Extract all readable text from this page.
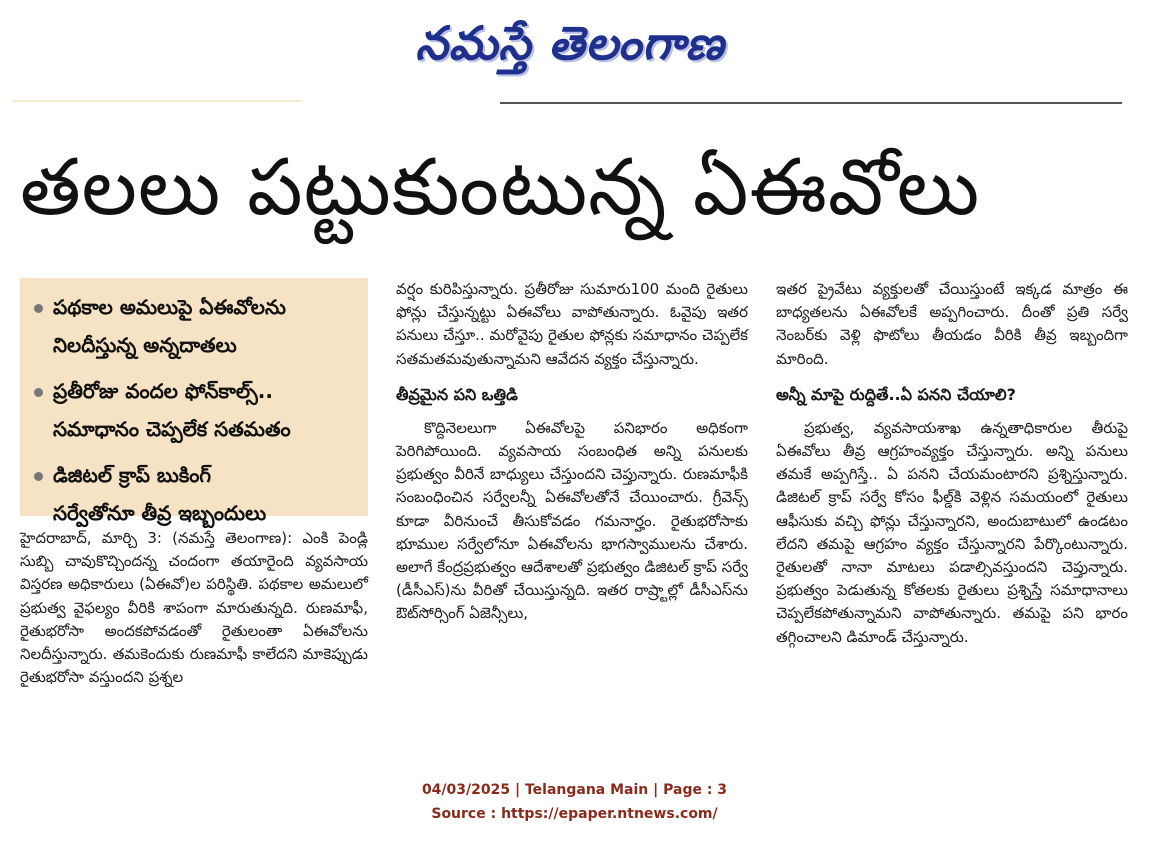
నమస్తే తెలంగాణ
తలలు పట్టుకుంటున్న ఏఈవోలు
పథకాల అమలుపై ఏఈవోలను
నిలదీస్తున్న అన్నదాతలు
ప్రతీరోజు వందల ఫోన్‌కాల్స్‌..
సమాధానం చెప్పలేక సతమతం
డిజిటల్‌ క్రాప్‌ బుకింగ్‌
సర్వేతోనూ తీవ్ర ఇబ్బందులు

హైదరాబాద్‌, మార్చి 3: (నమస్తే తెలంగాణ): ఎంకి పెండ్లి సుబ్బి చావుకొచ్చిందన్న చందంగా తయారైంది వ్యవసాయ విస్తరణ అధికారులు (ఏఈవో)ల పరిస్థితి. పథకాల అమలులో ప్రభుత్వ వైఫల్యం వీరికి శాపంగా మారుతున్నది. రుణమాఫీ, రైతుభరోసా అందకపోవడంతో రైతులంతా ఏఈవోలను నిలదీస్తున్నారు. తమకెందుకు రుణమాఫీ కాలేదని మాకెప్పుడు రైతుభరోసా వస్తుందని ప్రశ్నల

వర్షం కురిపిస్తున్నారు. ప్రతీరోజు సుమారు100 మంది రైతులు ఫోన్లు చేస్తున్నట్టు ఏఈవోలు వాపోతున్నారు. ఓవైపు ఇతర పనులు చేస్తూ.. మరోవైపు రైతుల ఫోన్లకు సమాధానం చెప్పలేక సతమతమవుతున్నామని ఆవేదన వ్యక్తం చేస్తున్నారు.

తీవ్రమైన పని ఒత్తిడి

కొద్దినెలలుగా ఏఈవోలపై పనిభారం అధికంగా పెరిగిపోయింది. వ్యవసాయ సంబంధిత అన్ని పనులకు ప్రభుత్వం వీరినే బాధ్యులు చేస్తుందని చెప్తున్నారు. రుణమాఫీకి సంబంధించిన సర్వేలన్నీ ఏఈవోలతోనే చేయించారు. గ్రీవెన్స్‌ కూడా వీరినుంచే తీసుకోవడం గమనార్హం. రైతుభరోసాకు భూముల సర్వేలోనూ ఏఈవోలను భాగస్వాములను చేశారు. అలాగే కేంద్రప్రభుత్వం ఆదేశాలతో ప్రభుత్వం డిజిటల్‌ క్రాప్‌ సర్వే (డీసీఎస్‌)ను వీరితో చేయిస్తున్నది. ఇతర రాష్ర్టాల్లో డీసీఎస్‌ను ఔట్‌సోర్సింగ్‌ ఏజెన్సీలు,

ఇతర ప్రైవేటు వ్యక్తులతో చేయిస్తుంటే ఇక్కడ మాత్రం ఈ బాధ్యతలను ఏఈవోలకే అప్పగించారు. దీంతో ప్రతి సర్వే నెంబర్‌కు వెళ్లి ఫొటోలు తీయడం వీరికి తీవ్ర ఇబ్బందిగా మారింది.

అన్నీ మాపై రుద్దితే..ఏ పనని చేయాలి?

ప్రభుత్వ, వ్యవసాయశాఖ ఉన్నతాధికారుల తీరుపై ఏఈవోలు తీవ్ర ఆగ్రహంవ్యక్తం చేస్తున్నారు. అన్ని పనులు తమకే అప్పగిస్తే.. ఏ పనని చేయమంటారని ప్రశ్నిస్తున్నారు. డిజిటల్‌ క్రాప్‌ సర్వే కోసం ఫీల్డ్‌కి వెళ్లిన సమయంలో రైతులు ఆఫీసుకు వచ్చి ఫోన్లు చేస్తున్నారని, అందుబాటులో ఉండటం లేదని తమపై ఆగ్రహం వ్యక్తం చేస్తున్నారని పేర్కొంటున్నారు. రైతులతో నానా మాటలు పడాల్సివస్తుందని చెప్తున్నారు. ప్రభుత్వం పెడుతున్న కోతలకు రైతులు ప్రశ్నిస్తే సమాధానాలు చెప్పలేకపోతున్నామని వాపోతున్నారు. తమపై పని భారం తగ్గించాలని డిమాండ్‌ చేస్తున్నారు.

04/03/2025 | Telangana Main | Page : 3
Source : https://epaper.ntnews.com/
